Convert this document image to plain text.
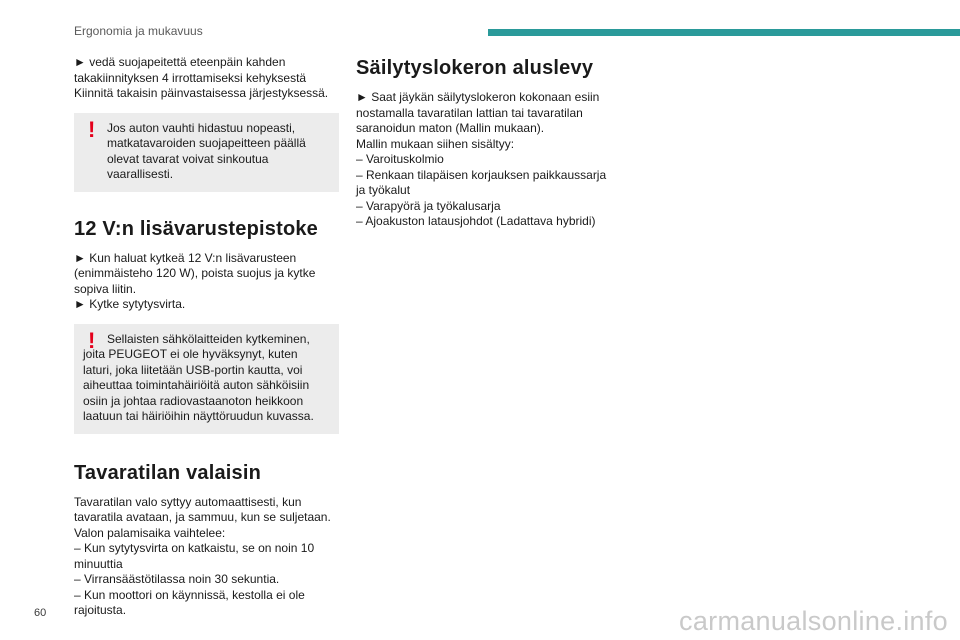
Ergonomia ja mukavuus

► vedä suojapeitettä eteenpäin kahden
takakiinnityksen 4 irrottamiseksi kehyksestä
Kiinnitä takaisin päinvastaisessa järjestyksessä.

! Jos auton vauhti hidastuu nopeasti,

matkatavaroiden suojapeitteen päällä
olevat tavarat voivat sinkoutua vaarallisesti.

12 V:n lisävarustepistoke

► Kun haluat kytkeä 12 V:n lisävarusteen
(enimmäisteho 120 W), poista suojus ja kytke
sopiva liitin.
► Kytke sytytysvirta.

! Sellaisten sähkölaitteiden kytkeminen,

joita PEUGEOT ei ole hyväksynyt, kuten
laturi, joka liitetään USB-portin kautta, voi
aiheuttaa toimintahäiriöitä auton sähköisiin
osiin ja johtaa radiovastaanoton heikkoon
laatuun tai häiriöihin näyttöruudun kuvassa.

Tavaratilan valaisin

Tavaratilan valo syttyy automaattisesti, kun
tavaratila avataan, ja sammuu, kun se suljetaan.
Valon palamisaika vaihtelee:
– Kun sytytysvirta on katkaistu, se on noin 10
minuuttia
– Virransäästötilassa noin 30 sekuntia.
– Kun moottori on käynnissä, kestolla ei ole
rajoitusta.

Säilytyslokeron aluslevy

► Saat jäykän säilytyslokeron kokonaan esiin
nostamalla tavaratilan lattian tai tavaratilan
saranoidun maton (Mallin mukaan).
Mallin mukaan siihen sisältyy:
– Varoituskolmio
– Renkaan tilapäisen korjauksen paikkaussarja
ja työkalut
– Varapyörä ja työkalusarja
– Ajoakuston latausjohdot (Ladattava hybridi)

60	carmanualsonline.info
